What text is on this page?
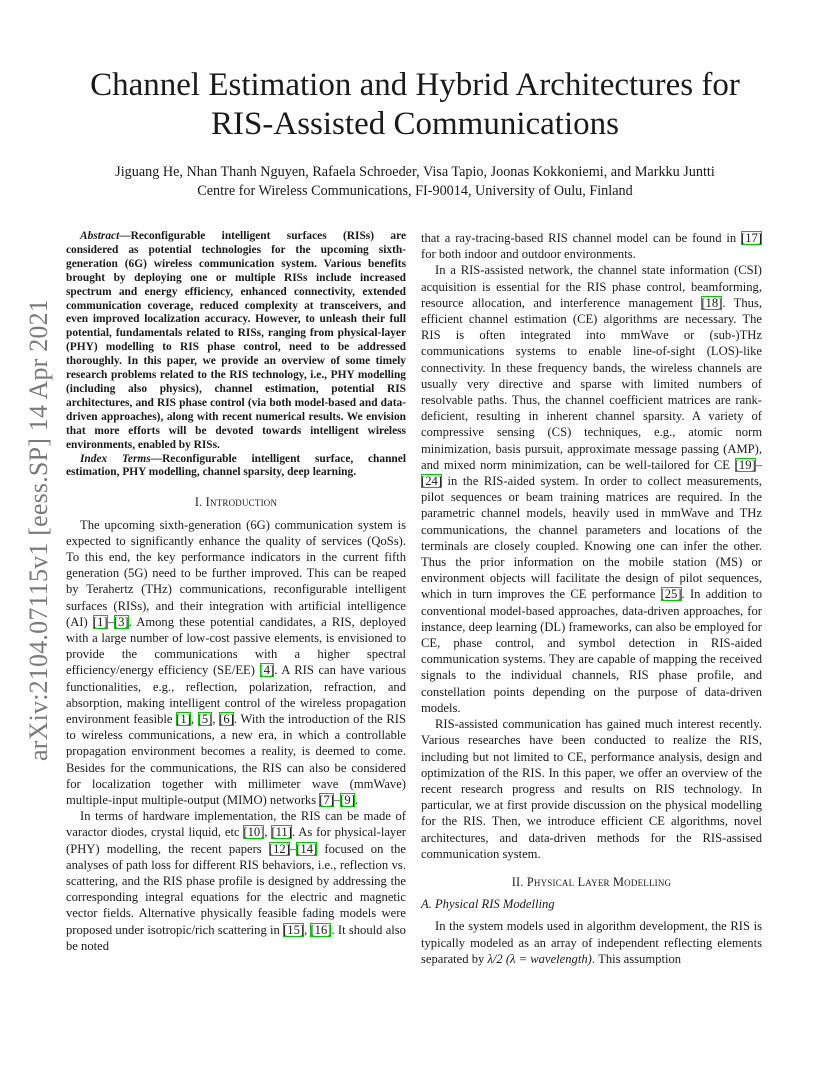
arXiv:2104.07115v1 [eess.SP] 14 Apr 2021
Channel Estimation and Hybrid Architectures for
RIS-Assisted Communications
Jiguang He, Nhan Thanh Nguyen, Rafaela Schroeder, Visa Tapio, Joonas Kokkoniemi, and Markku Juntti
Centre for Wireless Communications, FI-90014, University of Oulu, Finland

Abstract—Reconfigurable intelligent surfaces (RISs) are considered as potential technologies for the upcoming sixth-generation (6G) wireless communication system. Various benefits brought by deploying one or multiple RISs include increased spectrum and energy efficiency, enhanced connectivity, extended communication coverage, reduced complexity at transceivers, and even improved localization accuracy. However, to unleash their full potential, fundamentals related to RISs, ranging from physical-layer (PHY) modelling to RIS phase control, need to be addressed thoroughly. In this paper, we provide an overview of some timely research problems related to the RIS technology, i.e., PHY modelling (including also physics), channel estimation, potential RIS architectures, and RIS phase control (via both model-based and data-driven approaches), along with recent numerical results. We envision that more efforts will be devoted towards intelligent wireless environments, enabled by RISs.

Index Terms—Reconfigurable intelligent surface, channel estimation, PHY modelling, channel sparsity, deep learning.

I. Introduction

The upcoming sixth-generation (6G) communication system is expected to significantly enhance the quality of services (QoSs). To this end, the key performance indicators in the current fifth generation (5G) need to be further improved. This can be reaped by Terahertz (THz) communications, reconfigurable intelligent surfaces (RISs), and their integration with artificial intelligence (AI) [1]–[3]. Among these potential candidates, a RIS, deployed with a large number of low-cost passive elements, is envisioned to provide the communications with a higher spectral efficiency/energy efficiency (SE/EE) [4]. A RIS can have various functionalities, e.g., reflection, polarization, refraction, and absorption, making intelligent control of the wireless propagation environment feasible [1], [5], [6]. With the introduction of the RIS to wireless communications, a new era, in which a controllable propagation environment becomes a reality, is deemed to come. Besides for the communications, the RIS can also be considered for localization together with millimeter wave (mmWave) multiple-input multiple-output (MIMO) networks [7]–[9].

In terms of hardware implementation, the RIS can be made of varactor diodes, crystal liquid, etc [10], [11]. As for physical-layer (PHY) modelling, the recent papers [12]–[14] focused on the analyses of path loss for different RIS behaviors, i.e., reflection vs. scattering, and the RIS phase profile is designed by addressing the corresponding integral equations for the electric and magnetic vector fields. Alternative physically feasible fading models were proposed under isotropic/rich scattering in [15], [16]. It should also be noted

that a ray-tracing-based RIS channel model can be found in [17] for both indoor and outdoor environments.

In a RIS-assisted network, the channel state information (CSI) acquisition is essential for the RIS phase control, beamforming, resource allocation, and interference management [18]. Thus, efficient channel estimation (CE) algorithms are necessary. The RIS is often integrated into mmWave or (sub-)THz communications systems to enable line-of-sight (LOS)-like connectivity. In these frequency bands, the wireless channels are usually very directive and sparse with limited numbers of resolvable paths. Thus, the channel coefficient matrices are rank-deficient, resulting in inherent channel sparsity. A variety of compressive sensing (CS) techniques, e.g., atomic norm minimization, basis pursuit, approximate message passing (AMP), and mixed norm minimization, can be well-tailored for CE [19]–[24] in the RIS-aided system. In order to collect measurements, pilot sequences or beam training matrices are required. In the parametric channel models, heavily used in mmWave and THz communications, the channel parameters and locations of the terminals are closely coupled. Knowing one can infer the other. Thus the prior information on the mobile station (MS) or environment objects will facilitate the design of pilot sequences, which in turn improves the CE performance [25]. In addition to conventional model-based approaches, data-driven approaches, for instance, deep learning (DL) frameworks, can also be employed for CE, phase control, and symbol detection in RIS-aided communication systems. They are capable of mapping the received signals to the individual channels, RIS phase profile, and constellation points depending on the purpose of data-driven models.

RIS-assisted communication has gained much interest recently. Various researches have been conducted to realize the RIS, including but not limited to CE, performance analysis, design and optimization of the RIS. In this paper, we offer an overview of the recent research progress and results on RIS technology. In particular, we at first provide discussion on the physical modelling for the RIS. Then, we introduce efficient CE algorithms, novel architectures, and data-driven methods for the RIS-assised communication system.

II. Physical Layer Modelling
A. Physical RIS Modelling

In the system models used in algorithm development, the RIS is typically modeled as an array of independent reflecting elements separated by λ/2 (λ = wavelength). This assumption
